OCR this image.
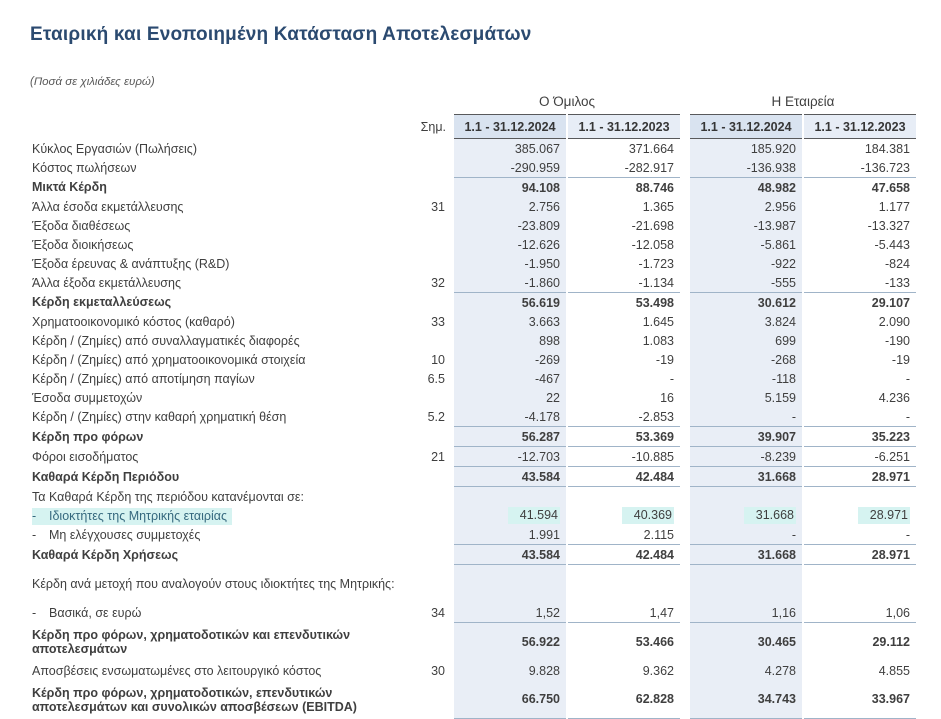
Εταιρική και Ενοποιημένη Κατάσταση Αποτελεσμάτων
(Ποσά σε χιλιάδες ευρώ)
		Ο Όμιλος			Η Εταιρεία	
	Σημ.	1.1 - 31.12.2024	1.1 - 31.12.2023		1.1 - 31.12.2024	1.1 - 31.12.2023
Κύκλος Εργασιών (Πωλήσεις)		385.067	371.664		185.920	184.381
Κόστος πωλήσεων		-290.959	-282.917		-136.938	-136.723
Μικτά Κέρδη		94.108	88.746		48.982	47.658
Άλλα έσοδα εκμετάλλευσης	31	2.756	1.365		2.956	1.177
Έξοδα διαθέσεως		-23.809	-21.698		-13.987	-13.327
Έξοδα διοικήσεως		-12.626	-12.058		-5.861	-5.443
Έξοδα έρευνας & ανάπτυξης (R&D)		-1.950	-1.723		-922	-824
Άλλα έξοδα εκμετάλλευσης	32	-1.860	-1.134		-555	-133
Κέρδη εκμεταλλεύσεως		56.619	53.498		30.612	29.107
Χρηματοοικονομικό κόστος (καθαρό)	33	3.663	1.645		3.824	2.090
Κέρδη / (Ζημίες) από συναλλαγματικές διαφορές		898	1.083		699	-190
Κέρδη / (Ζημίες) από χρηματοοικονομικά στοιχεία	10	-269	-19		-268	-19
Κέρδη / (Ζημίες) από αποτίμηση παγίων	6.5	-467	-		-118	-
Έσοδα συμμετοχών		22	16		5.159	4.236
Κέρδη / (Ζημίες) στην καθαρή χρηματική θέση	5.2	-4.178	-2.853		-	-
Κέρδη προ φόρων		56.287	53.369		39.907	35.223
Φόροι εισοδήματος	21	-12.703	-10.885		-8.239	-6.251
Καθαρά Κέρδη Περιόδου		43.584	42.484		31.668	28.971
Τα Καθαρά Κέρδη της περιόδου κατανέμονται σε:						
- Ιδιοκτήτες της Μητρικής εταιρίας		41.594	40.369		31.668	28.971
- Μη ελέγχουσες συμμετοχές		1.991	2.115		-	-
Καθαρά Κέρδη Χρήσεως		43.584	42.484		31.668	28.971
Κέρδη ανά μετοχή που αναλογούν στους ιδιοκτήτες της Μητρικής:						
- Βασικά, σε ευρώ	34	1,52	1,47		1,16	1,06
Κέρδη προ φόρων, χρηματοδοτικών και επενδυτικών αποτελεσμάτων		56.922	53.466		30.465	29.112
Αποσβέσεις ενσωματωμένες στο λειτουργικό κόστος	30	9.828	9.362		4.278	4.855
Κέρδη προ φόρων, χρηματοδοτικών, επενδυτικών αποτελεσμάτων και συνολικών αποσβέσεων (EBITDA)		66.750	62.828		34.743	33.967
